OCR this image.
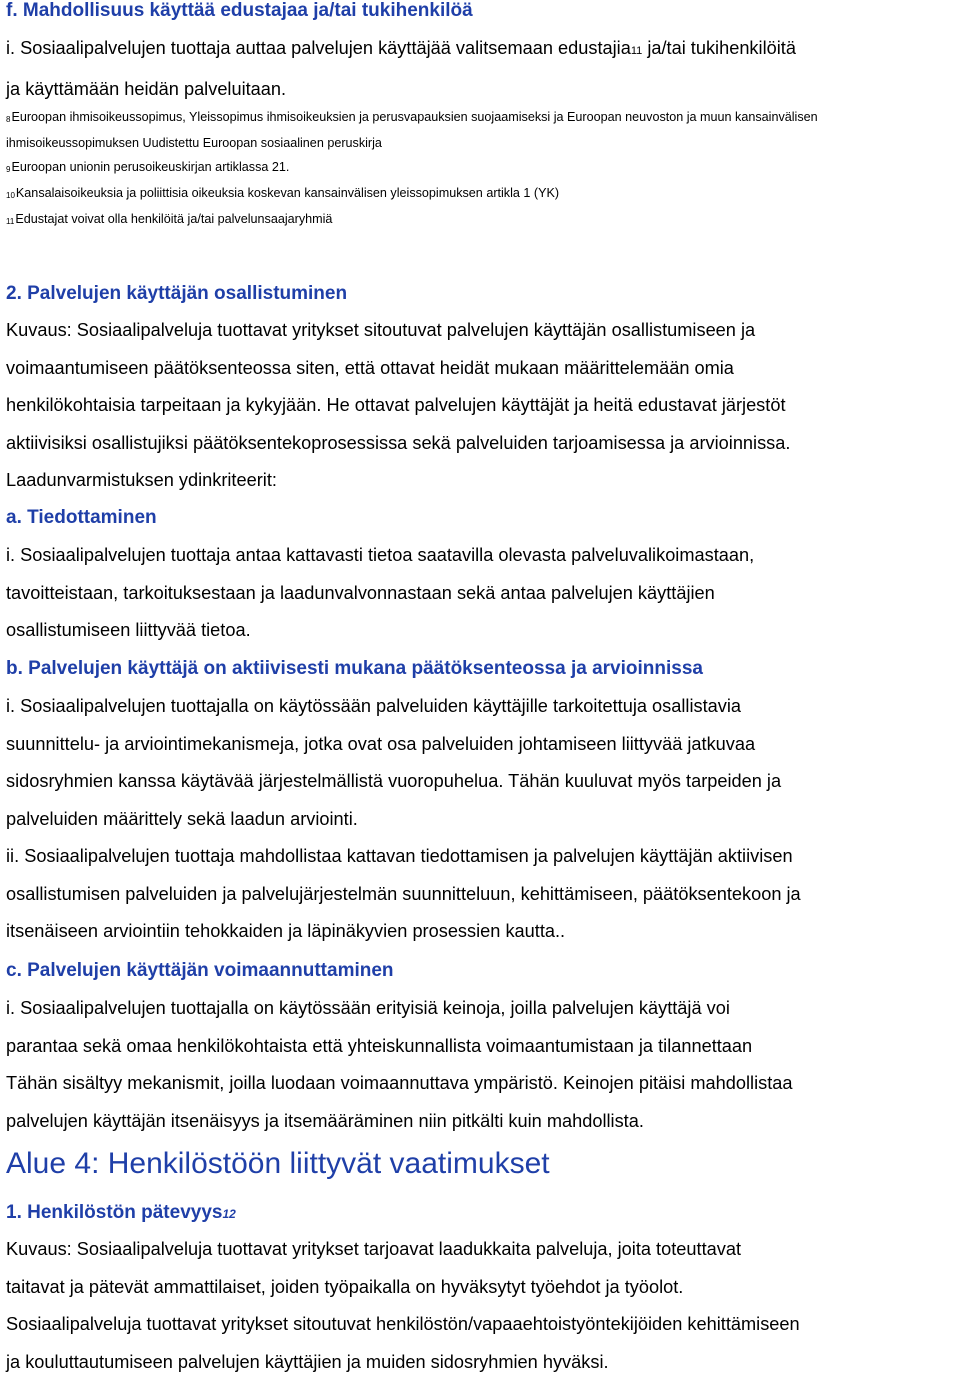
f. Mahdollisuus käyttää edustajaa ja/tai tukihenkilöä

i. Sosiaalipalvelujen tuottaja auttaa palvelujen käyttäjää valitsemaan edustajia11 ja/tai tukihenkilöitä
ja käyttämään heidän palveluitaan.

8Euroopan ihmisoikeussopimus, Yleissopimus ihmisoikeuksien ja perusvapauksien suojaamiseksi ja Euroopan neuvoston ja muun kansainvälisen

ihmisoikeussopimuksen Uudistettu Euroopan sosiaalinen peruskirja

9Euroopan unionin perusoikeuskirjan artiklassa 21.

10Kansalaisoikeuksia ja poliittisia oikeuksia koskevan kansainvälisen yleissopimuksen artikla 1 (YK)

11Edustajat voivat olla henkilöitä ja/tai palvelunsaajaryhmiä

2. Palvelujen käyttäjän osallistuminen

Kuvaus: Sosiaalipalveluja tuottavat yritykset sitoutuvat palvelujen käyttäjän osallistumiseen ja
voimaantumiseen päätöksenteossa siten, että ottavat heidät mukaan määrittelemään omia
henkilökohtaisia tarpeitaan ja kykyjään. He ottavat palvelujen käyttäjät ja heitä edustavat järjestöt
aktiivisiksi osallistujiksi päätöksentekoprosessissa sekä palveluiden tarjoamisessa ja arvioinnissa.
Laadunvarmistuksen ydinkriteerit:

a. Tiedottaminen

i. Sosiaalipalvelujen tuottaja antaa kattavasti tietoa saatavilla olevasta palveluvalikoimastaan,
tavoitteistaan, tarkoituksestaan ja laadunvalvonnastaan sekä antaa palvelujen käyttäjien
osallistumiseen liittyvää tietoa.

b. Palvelujen käyttäjä on aktiivisesti mukana päätöksenteossa ja arvioinnissa

i. Sosiaalipalvelujen tuottajalla on käytössään palveluiden käyttäjille tarkoitettuja osallistavia
suunnittelu- ja arviointimekanismeja, jotka ovat osa palveluiden johtamiseen liittyvää jatkuvaa
sidosryhmien kanssa käytävää järjestelmällistä vuoropuhelua. Tähän kuuluvat myös tarpeiden ja
palveluiden määrittely sekä laadun arviointi.
ii. Sosiaalipalvelujen tuottaja mahdollistaa kattavan tiedottamisen ja palvelujen käyttäjän aktiivisen
osallistumisen palveluiden ja palvelujärjestelmän suunnitteluun, kehittämiseen, päätöksentekoon ja
itsenäiseen arviointiin tehokkaiden ja läpinäkyvien prosessien kautta..

c. Palvelujen käyttäjän voimaannuttaminen

i. Sosiaalipalvelujen tuottajalla on käytössään erityisiä keinoja, joilla palvelujen käyttäjä voi
parantaa sekä omaa henkilökohtaista että yhteiskunnallista voimaantumistaan ja tilannettaan
Tähän sisältyy mekanismit, joilla luodaan voimaannuttava ympäristö. Keinojen pitäisi mahdollistaa
palvelujen käyttäjän itsenäisyys ja itsemääräminen niin pitkälti kuin mahdollista.
Alue 4: Henkilöstöön liittyvät vaatimukset

1. Henkilöstön pätevyys12

Kuvaus: Sosiaalipalveluja tuottavat yritykset tarjoavat laadukkaita palveluja, joita toteuttavat
taitavat ja pätevät ammattilaiset, joiden työpaikalla on hyväksytyt työehdot ja työolot.
Sosiaalipalveluja tuottavat yritykset sitoutuvat henkilöstön/vapaaehtoistyöntekijöiden kehittämiseen
ja kouluttautumiseen palvelujen käyttäjien ja muiden sidosryhmien hyväksi.
